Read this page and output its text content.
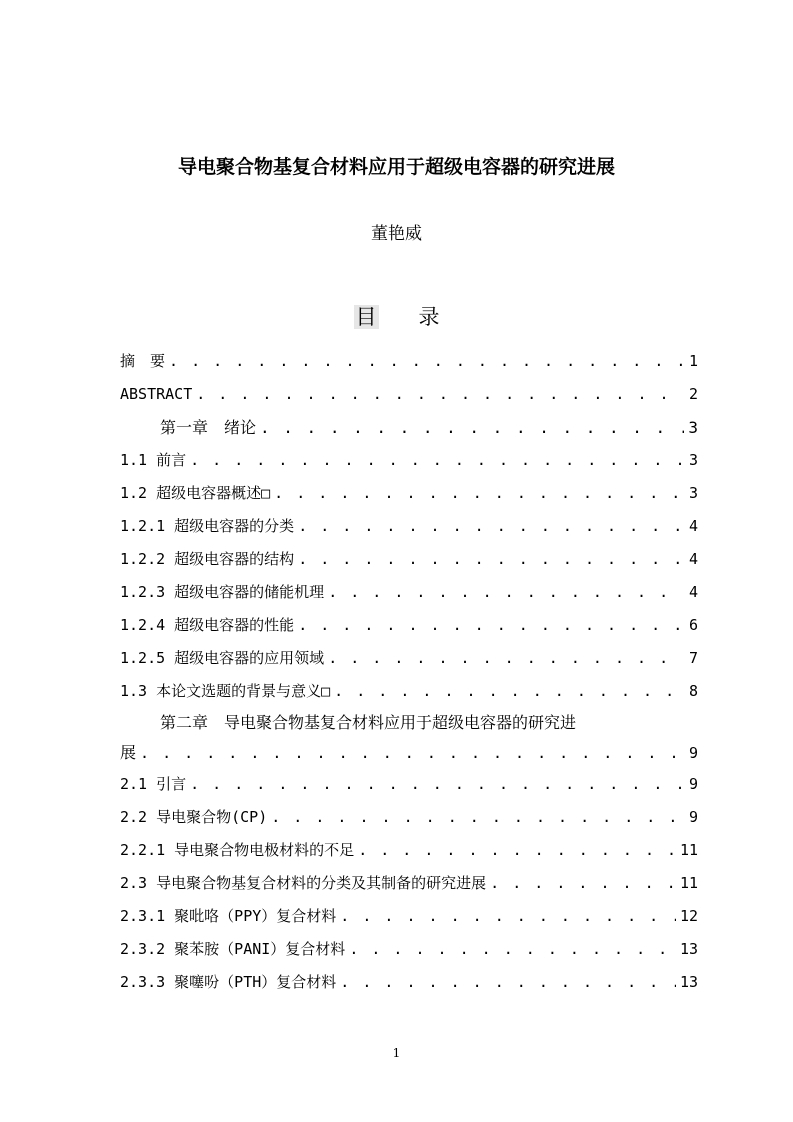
导电聚合物基复合材料应用于超级电容器的研究进展
董艳威
目 录
摘　要 . . .	1
ABSTRACT . . .	2
第一章　绪论 . . .	3
1.1 前言 . . .	3
1.2 超级电容器概述□ . . .	3
1.2.1 超级电容器的分类 . . .	4
1.2.2 超级电容器的结构 . . .	4
1.2.3 超级电容器的储能机理 . . .	4
1.2.4 超级电容器的性能 . . .	6
1.2.5 超级电容器的应用领域 . . .	7
1.3 本论文选题的背景与意义□ . . .	8
第二章　导电聚合物基复合材料应用于超级电容器的研究进
展 . . .	9
2.1 引言 . . .	9
2.2 导电聚合物(CP) . . .	9
2.2.1 导电聚合物电极材料的不足 . . .	11
2.3 导电聚合物基复合材料的分类及其制备的研究进展 . . .	11
2.3.1 聚吡咯（PPY）复合材料 . . .	12
2.3.2 聚苯胺（PANI）复合材料 . . .	13
2.3.3 聚噻吩（PTH）复合材料 . . .	13
1
